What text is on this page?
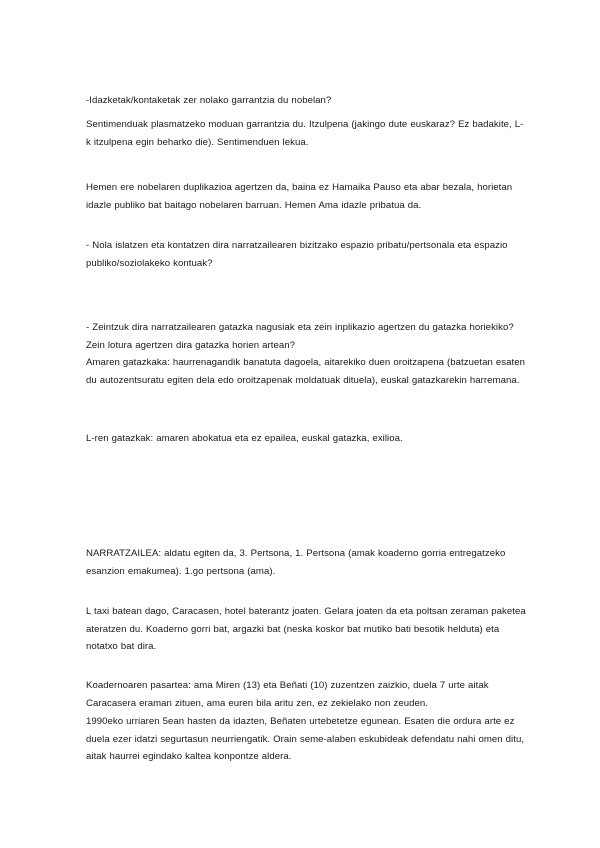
-Idazketak/kontaketak zer nolako garrantzia du nobelan?

Sentimenduak plasmatzeko moduan garrantzia du. Itzulpena (jakingo dute euskaraz? Ez badakite, L-k itzulpena egin beharko die). Sentimenduen lekua.

Hemen ere nobelaren duplikazioa agertzen da, baina ez Hamaika Pauso eta abar bezala, horietan idazle publiko bat baitago nobelaren barruan. Hemen Ama idazle pribatua da.

- Nola islatzen eta kontatzen dira narratzailearen bizitzako espazio pribatu/pertsonala eta espazio publiko/soziolakeko kontuak?

- Zeintzuk dira narratzailearen gatazka nagusiak eta zein inplikazio agertzen du gatazka horiekiko? Zein lotura agertzen dira gatazka horien artean?

Amaren gatazkaka: haurrenagandik banatuta dagoela, aitarekiko duen oroitzapena (batzuetan esaten du autozentsuratu egiten dela edo oroitzapenak moldatuak dituela), euskal gatazkarekin harremana.

L-ren gatazkak: amaren abokatua eta ez epailea, euskal gatazka, exilioa.

NARRATZAILEA: aldatu egiten da, 3. Pertsona, 1. Pertsona (amak koaderno gorria entregatzeko esanzion emakumea). 1.go pertsona (ama).

L taxi batean dago, Caracasen, hotel baterantz joaten. Gelara joaten da eta poltsan zeraman paketea ateratzen du. Koaderno gorri bat, argazki bat (neska koskor bat mutiko bati besotik helduta) eta notatxo bat dira.

Koadernoaren pasartea: ama Miren (13) eta Beñati (10) zuzentzen zaizkio, duela 7 urte aitak Caracasera eraman zituen, ama euren bila aritu zen, ez zekielako non zeuden.

1990eko urriaren 5ean hasten da idazten, Beñaten urtebetetze egunean. Esaten die ordura arte ez duela ezer idatzi segurtasun neurriengatik. Orain seme-alaben eskubideak defendatu nahi omen ditu, aitak haurrei egindako kaltea konpontze aldera.
